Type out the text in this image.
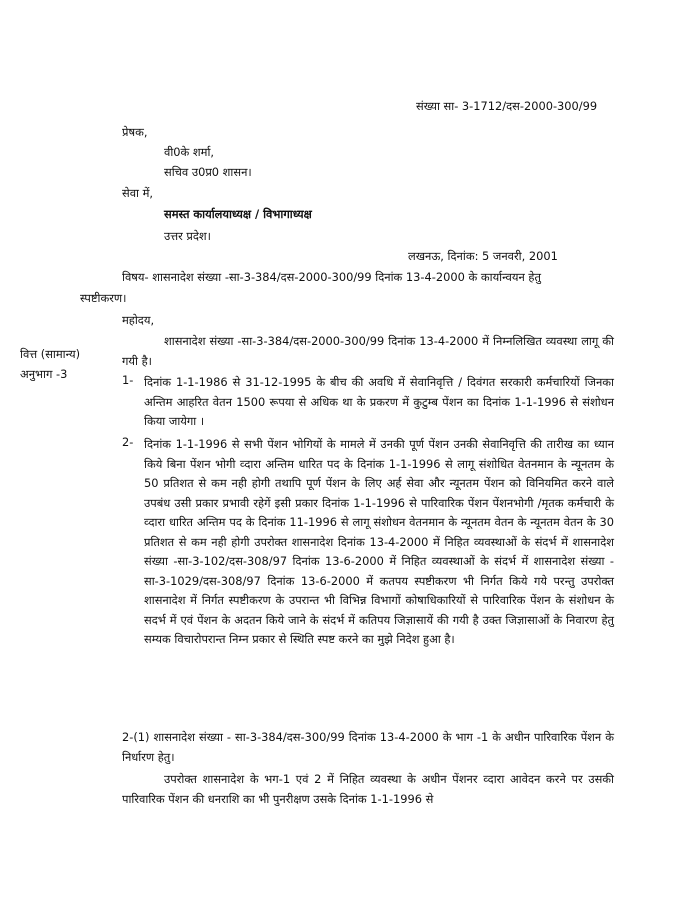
संख्या सा- 3-1712/दस-2000-300/99
प्रेषक,
वी0के शर्मा,
सचिव उ0प्र0 शासन।
सेवा में,
समस्त कार्यालयाध्यक्ष / विभागाध्यक्ष
उत्तर प्रदेश।
लखनऊ, दिनांक: 5 जनवरी, 2001
विषय- शासनादेश संख्या -सा-3-384/दस-2000-300/99 दिनांक 13-4-2000 के कार्यान्वयन हेतु
स्पष्टीकरण।
महोदय,
वित्त (सामान्य)
अनुभाग -3
शासनादेश संख्या -सा-3-384/दस-2000-300/99 दिनांक 13-4-2000 में निम्नलिखित व्यवस्था लागू की गयी है।
1- दिनांक 1-1-1986 से 31-12-1995 के बीच की अवधि में सेवानिवृत्ति / दिवंगत सरकारी कर्मचारियों जिनका अन्तिम आहरित वेतन 1500 रूपया से अधिक था के प्रकरण में कुटुम्ब पेंशन का दिनांक 1-1-1996 से संशोधन किया जायेगा ।
2- दिनांक 1-1-1996 से सभी पेंशन भोगियों के मामले में उनकी पूर्ण पेंशन उनकी सेवानिवृत्ति की तारीख का ध्यान किये बिना पेंशन भोगी व्दारा अन्तिम धारित पद के दिनांक 1-1-1996 से लागू संशोधित वेतनमान के न्यूनतम के 50 प्रतिशत से कम नही होगी तथापि पूर्ण पेंशन के लिए अर्ह सेवा और न्यूनतम पेंशन को विनियमित करने वाले उपबंध उसी प्रकार प्रभावी रहेगें इसी प्रकार दिनांक 1-1-1996 से पारिवारिक पेंशन पेंशनभोगी /मृतक कर्मचारी के व्दारा धारित अन्तिम पद के दिनांक 11-1996 से लागू संशोधन वेतनमान के न्यूनतम वेतन के न्यूनतम वेतन के 30 प्रतिशत से कम नही होगी उपरोक्त शासनादेश दिनांक 13-4-2000 में निहित व्यवस्थाओं के संदर्भ में शासनादेश संख्या -सा-3-102/दस-308/97 दिनांक 13-6-2000 में निहित व्यवस्थाओं के संदर्भ में शासनादेश संख्या - सा-3-1029/दस-308/97 दिनांक 13-6-2000 में कतपय स्पष्टीकरण भी निर्गत किये गये परन्तु उपरोक्त शासनादेश में निर्गत स्पष्टीकरण के उपरान्त भी विभिन्न विभागों कोषाधिकारियों से पारिवारिक पेंशन के संशोधन के सदर्भ में एवं पेंशन के अदतन किये जाने के संदर्भ में कतिपय जिज्ञासायें की गयी है उक्त जिज्ञासाओं के निवारण हेतु सम्यक विचारोपरान्त निम्न प्रकार से स्थिति स्पष्ट करने का मुझे निदेश हुआ है।
2-(1) शासनादेश संख्या - सा-3-384/दस-300/99 दिनांक 13-4-2000 के भाग -1 के अधीन पारिवारिक पेंशन के निर्धारण हेतु।
उपरोक्त शासनादेश के भग-1 एवं 2 में निहित व्यवस्था के अधीन पेंशनर व्दारा आवेदन करने पर उसकी पारिवारिक पेंशन की धनराशि का भी पुनरीक्षण उसके दिनांक 1-1-1996 से
